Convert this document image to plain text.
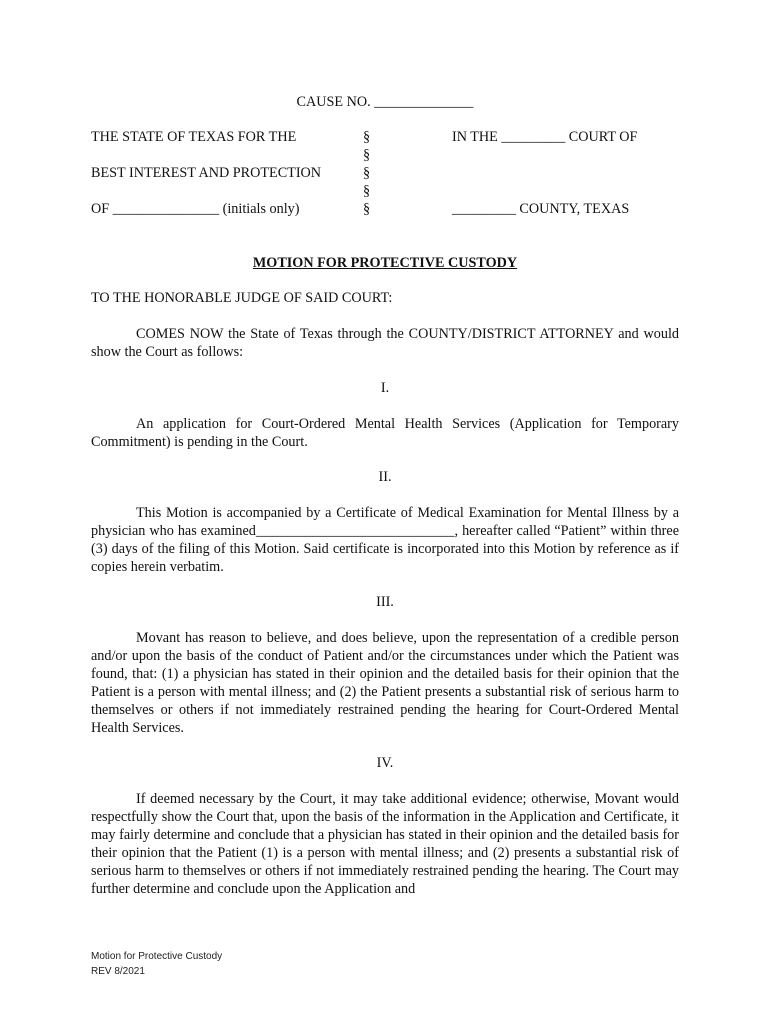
CAUSE NO. ______________
THE STATE OF TEXAS FOR THE
BEST INTEREST AND PROTECTION
OF _______________ (initials only)
§
§
§
§
§
IN THE _________ COURT OF
_________ COUNTY, TEXAS
MOTION FOR PROTECTIVE CUSTODY
TO THE HONORABLE JUDGE OF SAID COURT:

COMES NOW the State of Texas through the COUNTY/DISTRICT ATTORNEY and would show the Court as follows:

I.

An application for Court-Ordered Mental Health Services (Application for Temporary Commitment) is pending in the Court.

II.

This Motion is accompanied by a Certificate of Medical Examination for Mental Illness by a physician who has examined____________________________, hereafter called “Patient” within three (3) days of the filing of this Motion. Said certificate is incorporated into this Motion by reference as if copies herein verbatim.

III.

Movant has reason to believe, and does believe, upon the representation of a credible person and/or upon the basis of the conduct of Patient and/or the circumstances under which the Patient was found, that: (1) a physician has stated in their opinion and the detailed basis for their opinion that the Patient is a person with mental illness; and (2) the Patient presents a substantial risk of serious harm to themselves or others if not immediately restrained pending the hearing for Court-Ordered Mental Health Services.

IV.

If deemed necessary by the Court, it may take additional evidence; otherwise, Movant would respectfully show the Court that, upon the basis of the information in the Application and Certificate, it may fairly determine and conclude that a physician has stated in their opinion and the detailed basis for their opinion that the Patient (1) is a person with mental illness; and (2) presents a substantial risk of serious harm to themselves or others if not immediately restrained pending the hearing. The Court may further determine and conclude upon the Application and

Motion for Protective Custody
REV 8/2021
